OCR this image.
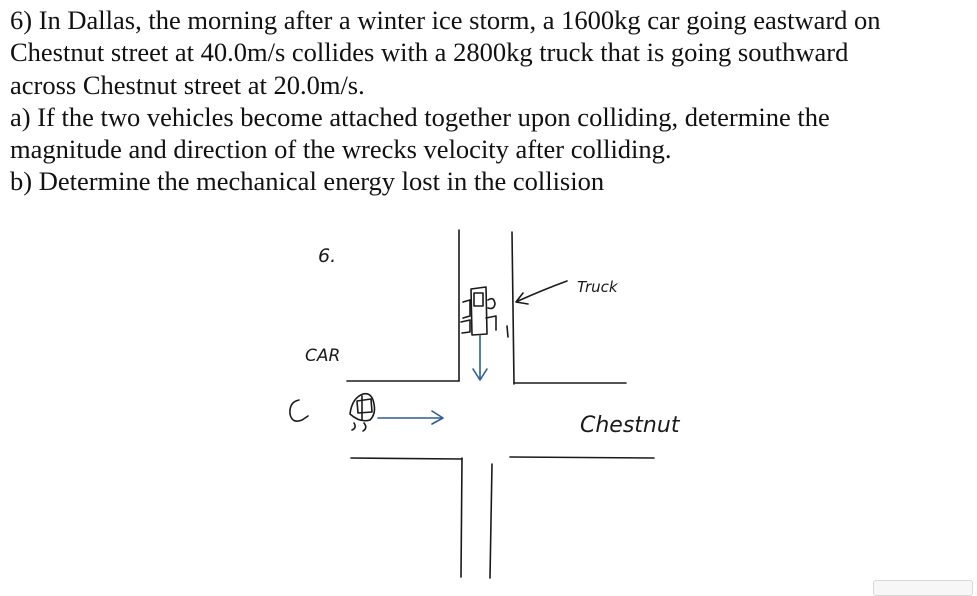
6) In Dallas, the morning after a winter ice storm, a 1600kg car going eastward on
Chestnut street at 40.0m/s collides with a 2800kg truck that is going southward
across Chestnut street at 20.0m/s.
a) If the two vehicles become attached together upon colliding, determine the
magnitude and direction of the wrecks velocity after colliding.
b) Determine the mechanical energy lost in the collision
6.
CAR
Truck
Chestnut
